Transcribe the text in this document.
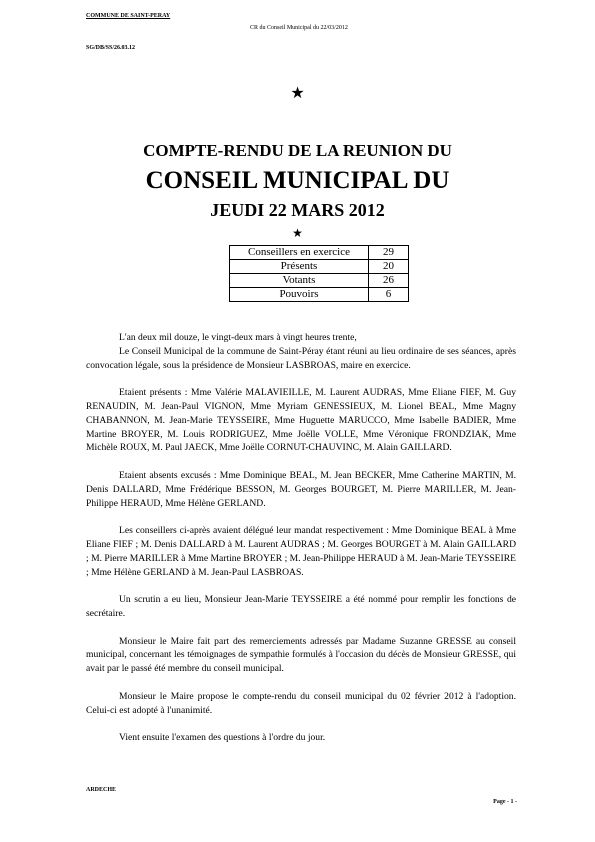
COMMUNE DE SAINT-PERAY
CR du Conseil Municipal du 22/03/2012
SG/DB/SS/26.03.12
★
COMPTE-RENDU DE LA REUNION DU
CONSEIL MUNICIPAL DU
JEUDI 22 MARS 2012
★
Conseillers en exercice	29
Présents	20
Votants	26
Pouvoirs	6

L'an deux mil douze, le vingt-deux mars à vingt heures trente,

Le Conseil Municipal de la commune de Saint-Péray étant réuni au lieu ordinaire de ses séances, après convocation légale, sous la présidence de Monsieur LASBROAS, maire en exercice.

Etaient présents : Mme Valérie MALAVIEILLE, M. Laurent AUDRAS, Mme Eliane FIEF, M. Guy RENAUDIN, M. Jean-Paul VIGNON, Mme Myriam GENESSIEUX, M. Lionel BEAL, Mme Magny CHABANNON, M. Jean-Marie TEYSSEIRE, Mme Huguette MARUCCO, Mme Isabelle BADIER, Mme Martine BROYER, M. Louis RODRIGUEZ, Mme Joëlle VOLLE, Mme Véronique FRONDZIAK, Mme Michèle ROUX, M. Paul JAECK, Mme Joëlle CORNUT-CHAUVINC, M. Alain GAILLARD.

Etaient absents excusés : Mme Dominique BEAL, M. Jean BECKER, Mme Catherine MARTIN, M. Denis DALLARD, Mme Frédérique BESSON, M. Georges BOURGET, M. Pierre MARILLER, M. Jean-Philippe HERAUD, Mme Hélène GERLAND.

Les conseillers ci-après avaient délégué leur mandat respectivement : Mme Dominique BEAL à Mme Eliane FIEF ; M. Denis DALLARD à M. Laurent AUDRAS ; M. Georges BOURGET à M. Alain GAILLARD ; M. Pierre MARILLER à Mme Martine BROYER ; M. Jean-Philippe HERAUD à M. Jean-Marie TEYSSEIRE ; Mme Hélène GERLAND à M. Jean-Paul LASBROAS.

Un scrutin a eu lieu, Monsieur Jean-Marie TEYSSEIRE a été nommé pour remplir les fonctions de secrétaire.

Monsieur le Maire fait part des remerciements adressés par Madame Suzanne GRESSE au conseil municipal, concernant les témoignages de sympathie formulés à l'occasion du décès de Monsieur GRESSE, qui avait par le passé été membre du conseil municipal.

Monsieur le Maire propose le compte-rendu du conseil municipal du 02 février 2012 à l'adoption. Celui-ci est adopté à l'unanimité.

Vient ensuite l'examen des questions à l'ordre du jour.

ARDECHE
Page - 1 -
